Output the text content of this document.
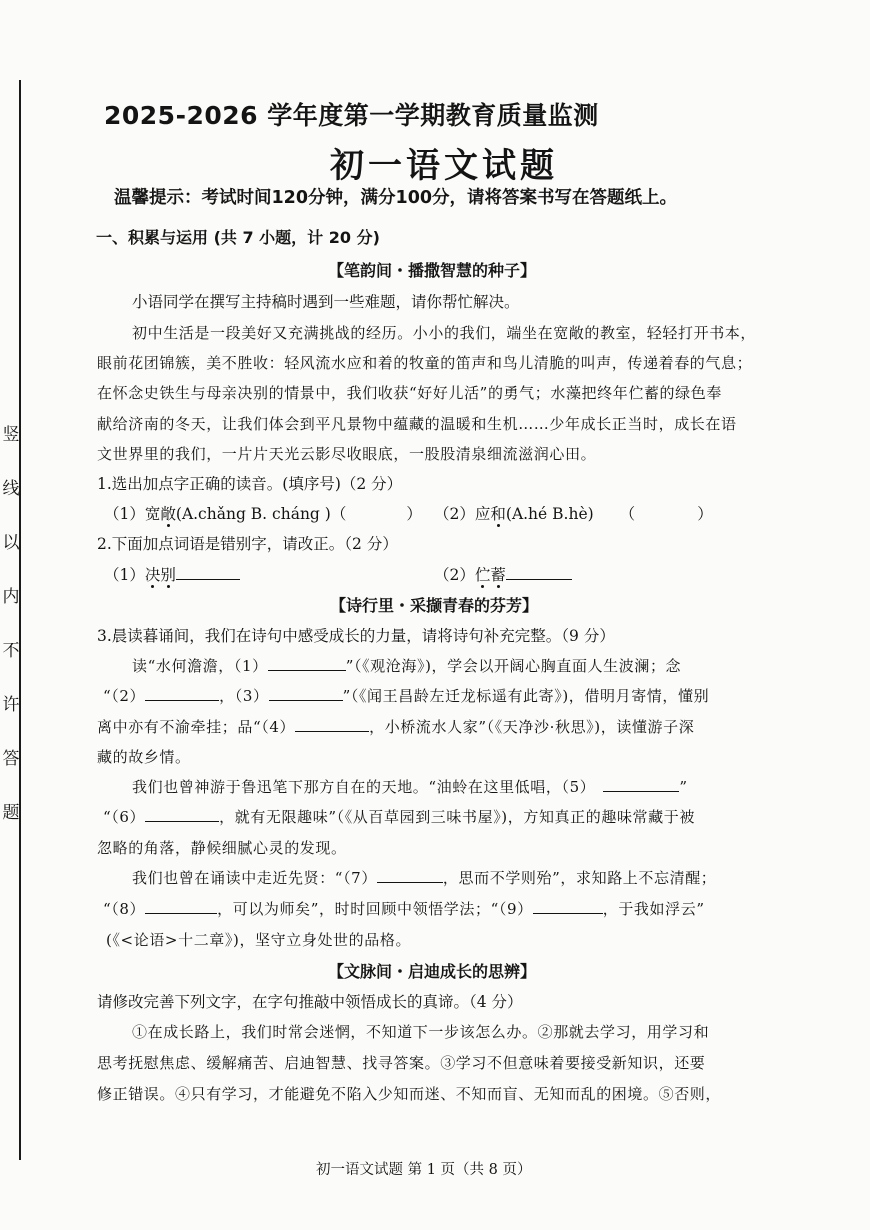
竖
线
以
内
不
许
答
题
2025-2026 学年度第一学期教育质量监测
初一语文试题
温馨提示：考试时间120分钟，满分100分，请将答案书写在答题纸上。
一、积累与运用 (共 7 小题，计 20 分)
【笔韵间・播撒智慧的种子】
小语同学在撰写主持稿时遇到一些难题，请你帮忙解决。
初中生活是一段美好又充满挑战的经历。小小的我们，端坐在宽敞的教室，轻轻打开书本，
眼前花团锦簇，美不胜收：轻风流水应和着的牧童的笛声和鸟儿清脆的叫声，传递着春的气息；
在怀念史铁生与母亲决别的情景中，我们收获“好好儿活”的勇气；水藻把终年伫蓄的绿色奉
献给济南的冬天，让我们体会到平凡景物中蕴藏的温暖和生机……少年成长正当时，成长在语
文世界里的我们，一片片天光云影尽收眼底，一股股清泉细流滋润心田。
1.选出加点字正确的读音。(填序号)（2 分）
（1）宽敞(A.chǎng B. cháng )（	） （2）应和(A.hé B.hè) （	）
2.下面加点词语是错别字，请改正。（2 分）
（1）决别	（2）伫蓄
【诗行里・采撷青春的芬芳】
3.晨读暮诵间，我们在诗句中感受成长的力量，请将诗句补充完整。（9 分）
读“水何澹澹，（1）	”（《观沧海》)，学会以开阔心胸直面人生波澜；念
“（2）	，（3）	”（《闻王昌龄左迁龙标遥有此寄》)，借明月寄情，懂别
离中亦有不渝牵挂；品“（4）	，小桥流水人家”（《天净沙·秋思》)，读懂游子深
藏的故乡情。
我们也曾神游于鲁迅笔下那方自在的天地。“油蛉在这里低唱，（5）	”
“（6）	，就有无限趣味”（《从百草园到三味书屋》)，方知真正的趣味常藏于被
忽略的角落，静候细腻心灵的发现。
我们也曾在诵读中走近先贤：“（7）	，思而不学则殆”，求知路上不忘清醒；
“（8）	，可以为师矣”，时时回顾中领悟学法；“（9）	，于我如浮云”
(《<论语>十二章》)，坚守立身处世的品格。
【文脉间・启迪成长的思辨】
请修改完善下列文字，在字句推敲中领悟成长的真谛。（4 分）
①在成长路上，我们时常会迷惘，不知道下一步该怎么办。②那就去学习，用学习和
思考抚慰焦虑、缓解痛苦、启迪智慧、找寻答案。③学习不但意味着要接受新知识，还要
修正错误。④只有学习，才能避免不陷入少知而迷、不知而盲、无知而乱的困境。⑤否则，
初一语文试题 第 1 页（共 8 页）
